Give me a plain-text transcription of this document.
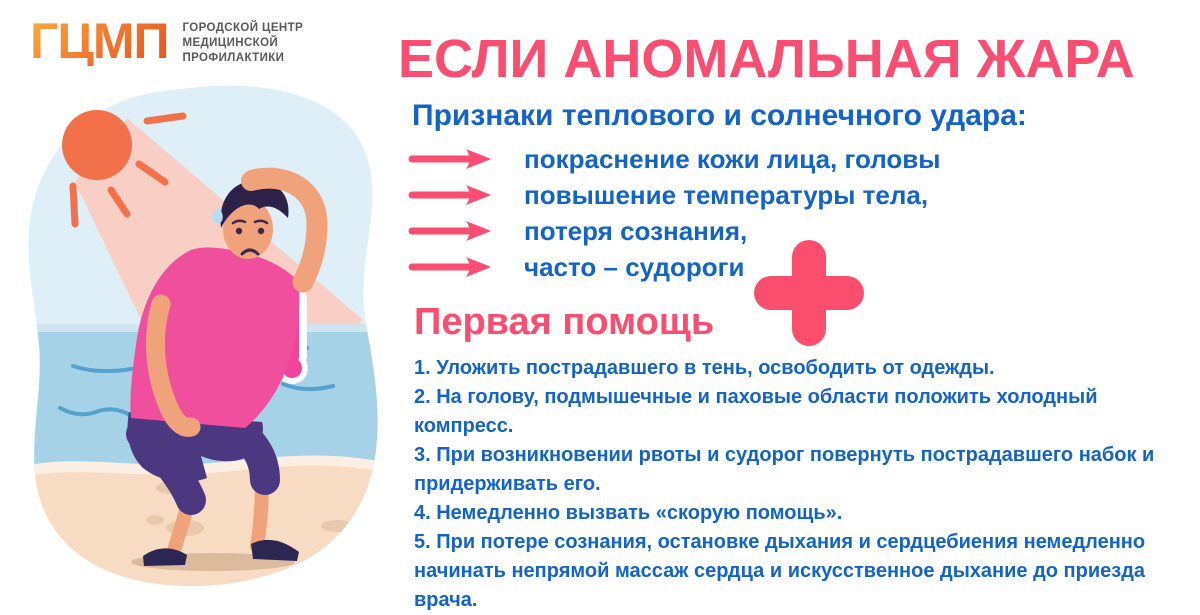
ГЦМП ГОРОДСКОЙ ЦЕНТР
МЕДИЦИНСКОЙ
ПРОФИЛАКТИКИ	ЕСЛИ АНОМАЛЬНАЯ ЖАРА
Признаки теплового и солнечного удара:
покраснение кожи лица, головы
повышение температуры тела,
потеря сознания,
часто – судороги
Первая помощь

1. Уложить пострадавшего в тень, освободить от одежды.

2. На голову, подмышечные и паховые области положить холодный компресс.

3. При возникновении рвоты и судорог повернуть пострадавшего набок и придерживать его.

4. Немедленно вызвать «скорую помощь».

5. При потере сознания, остановке дыхания и сердцебиения немедленно начинать непрямой массаж сердца и искусственное дыхание до приезда врача.
